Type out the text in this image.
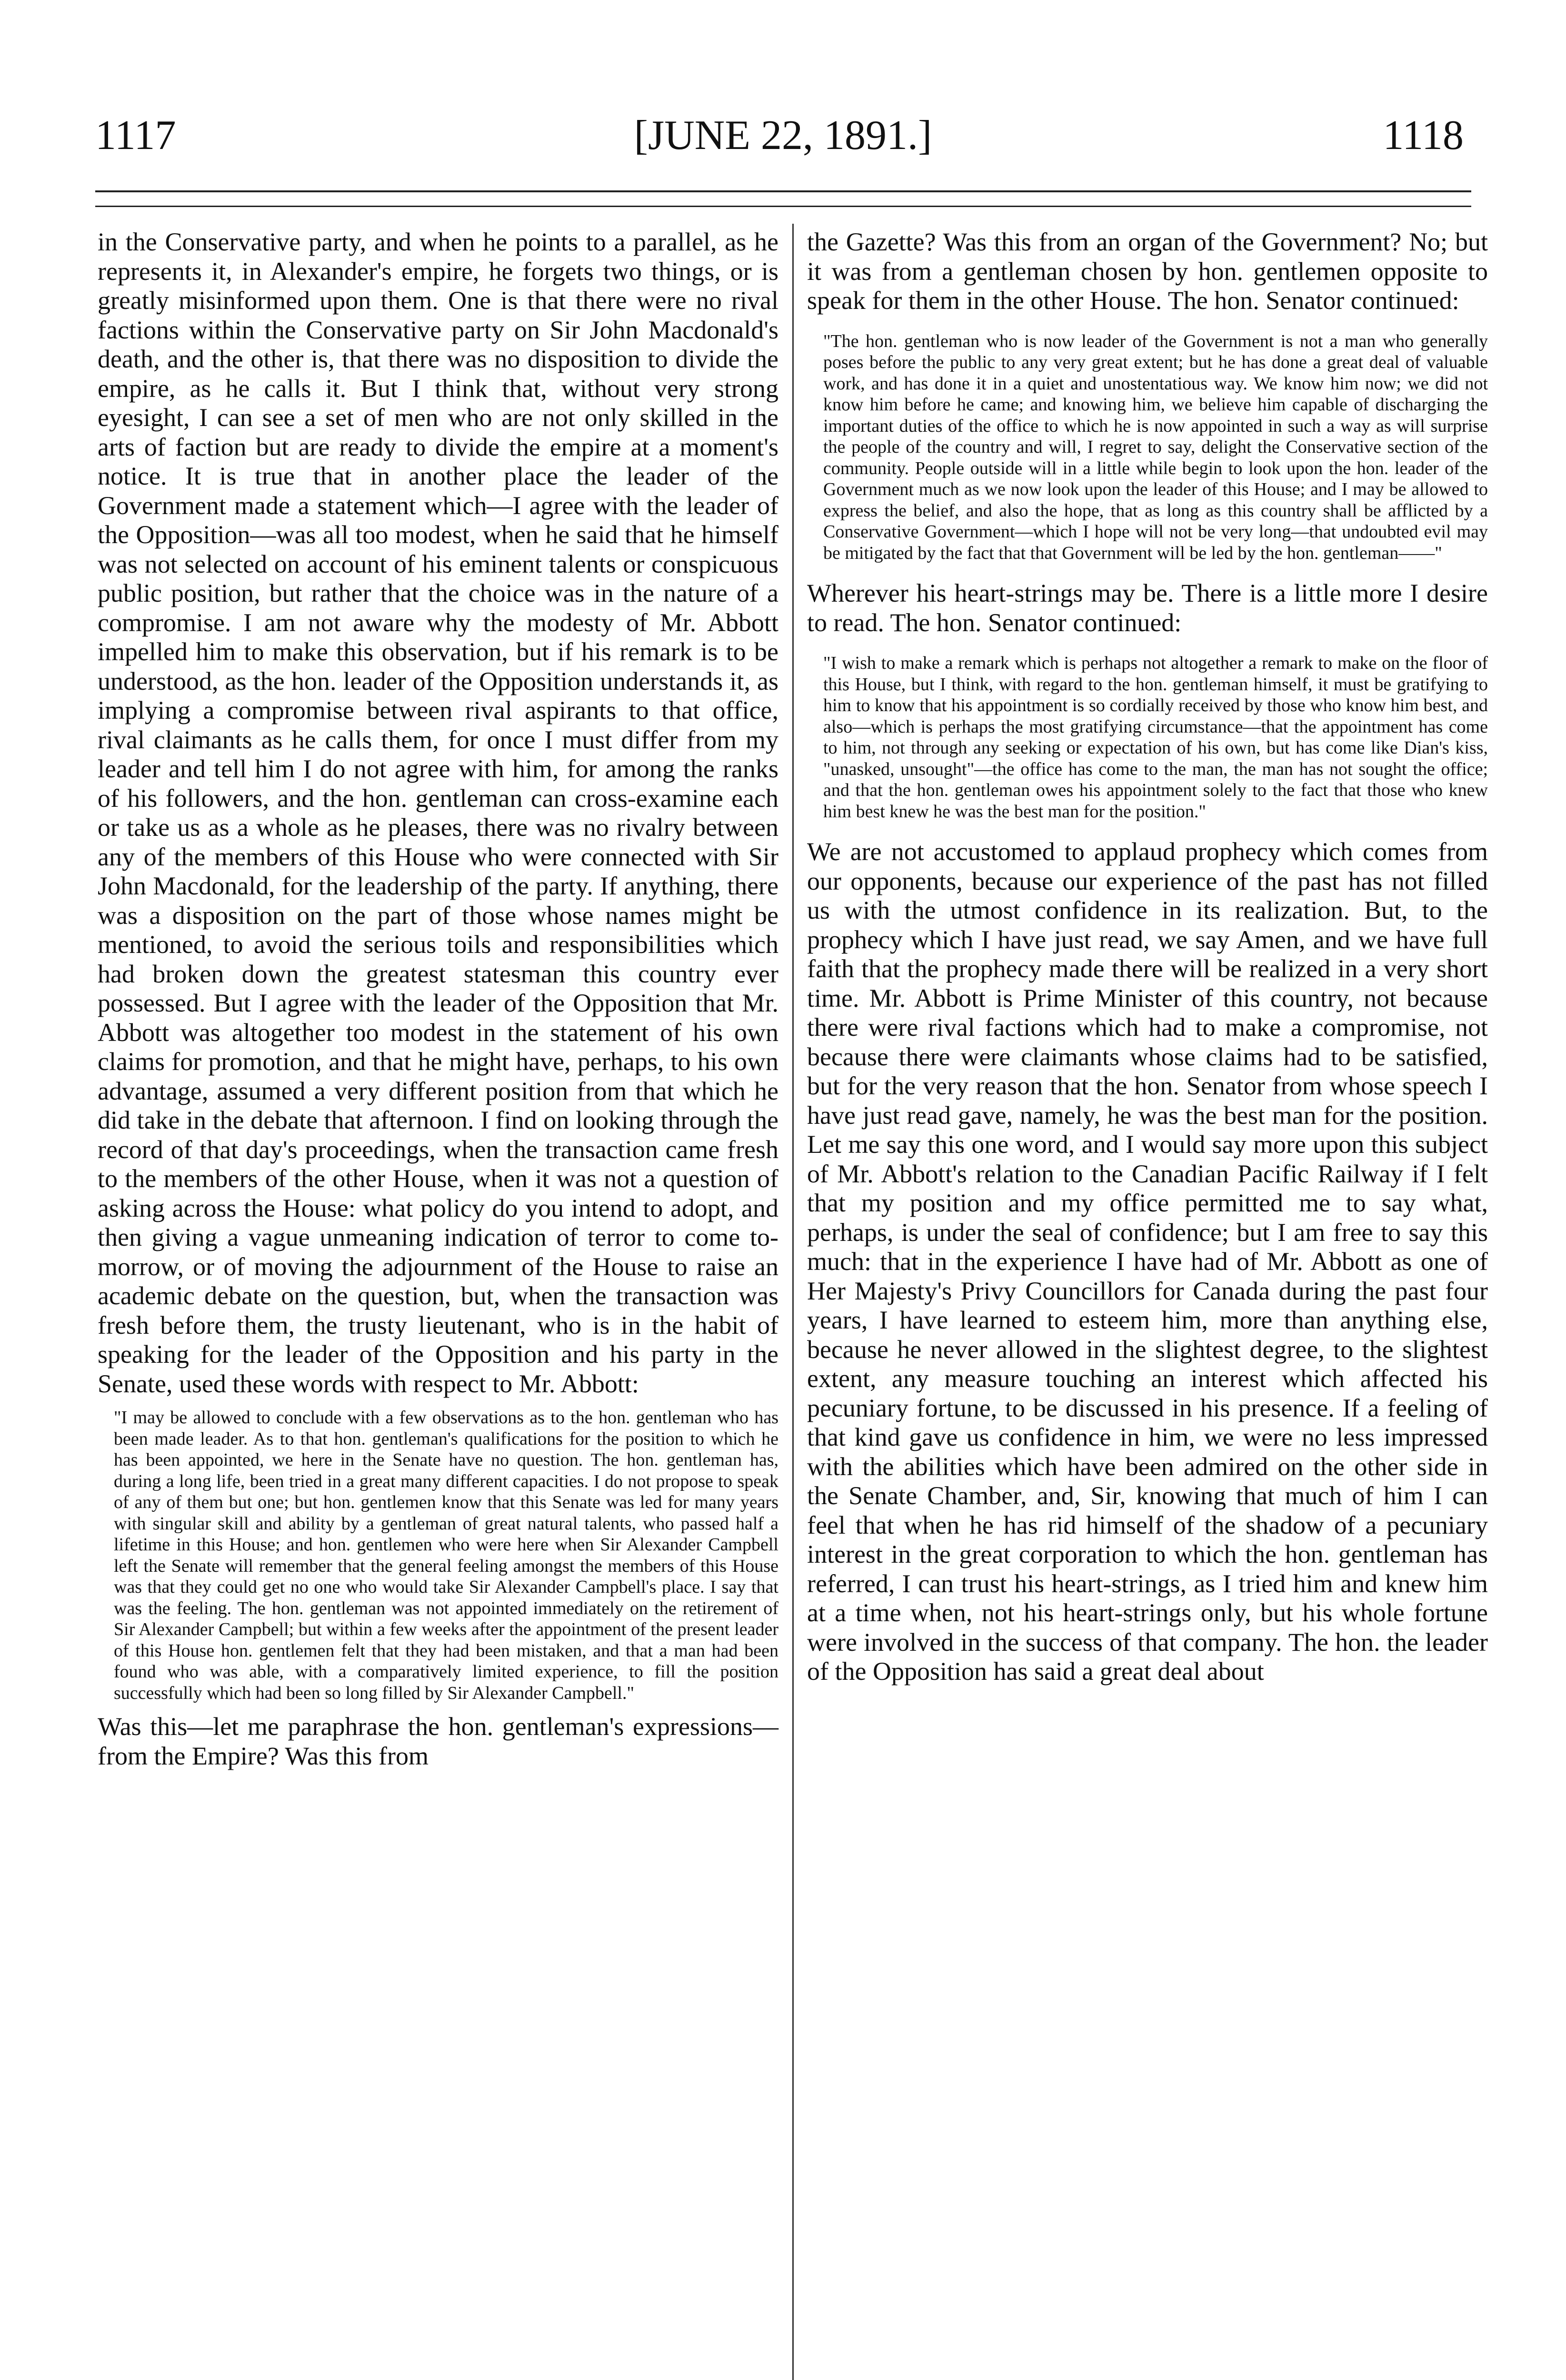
1117	[JUNE 22, 1891.]	1118

in the Conservative party, and when he points to a parallel, as he represents it, in Alexander's empire, he forgets two things, or is greatly misinformed upon them. One is that there were no rival factions within the Conservative party on Sir John Macdonald's death, and the other is, that there was no disposition to divide the empire, as he calls it. But I think that, without very strong eyesight, I can see a set of men who are not only skilled in the arts of faction but are ready to divide the empire at a moment's notice. It is true that in another place the leader of the Government made a statement which—I agree with the leader of the Opposition—was all too modest, when he said that he himself was not selected on account of his eminent talents or conspicuous public position, but rather that the choice was in the nature of a compromise. I am not aware why the modesty of Mr. Abbott impelled him to make this observation, but if his remark is to be understood, as the hon. leader of the Opposition understands it, as implying a compromise between rival aspirants to that office, rival claimants as he calls them, for once I must differ from my leader and tell him I do not agree with him, for among the ranks of his followers, and the hon. gentleman can cross-examine each or take us as a whole as he pleases, there was no rivalry between any of the members of this House who were connected with Sir John Macdonald, for the leadership of the party. If anything, there was a disposition on the part of those whose names might be mentioned, to avoid the serious toils and responsibilities which had broken down the greatest statesman this country ever possessed. But I agree with the leader of the Opposition that Mr. Abbott was altogether too modest in the statement of his own claims for promotion, and that he might have, perhaps, to his own advantage, assumed a very different position from that which he did take in the debate that afternoon. I find on looking through the record of that day's proceedings, when the transaction came fresh to the members of the other House, when it was not a question of asking across the House: what policy do you intend to adopt, and then giving a vague unmeaning indication of terror to come to-morrow, or of moving the adjournment of the House to raise an academic debate on the question, but, when the transaction was fresh before them, the trusty lieutenant, who is in the habit of speaking for the leader of the Opposition and his party in the Senate, used these words with respect to Mr. Abbott:

"I may be allowed to conclude with a few observations as to the hon. gentleman who has been made leader. As to that hon. gentleman's qualifications for the position to which he has been appointed, we here in the Senate have no question. The hon. gentleman has, during a long life, been tried in a great many different capacities. I do not propose to speak of any of them but one; but hon. gentlemen know that this Senate was led for many years with singular skill and ability by a gentleman of great natural talents, who passed half a lifetime in this House; and hon. gentlemen who were here when Sir Alexander Campbell left the Senate will remember that the general feeling amongst the members of this House was that they could get no one who would take Sir Alexander Campbell's place. I say that was the feeling. The hon. gentleman was not appointed immediately on the retirement of Sir Alexander Campbell; but within a few weeks after the appointment of the present leader of this House hon. gentlemen felt that they had been mistaken, and that a man had been found who was able, with a comparatively limited experience, to fill the position successfully which had been so long filled by Sir Alexander Campbell."

Was this—let me paraphrase the hon. gentleman's expressions—from the Empire? Was this from

the Gazette? Was this from an organ of the Government? No; but it was from a gentleman chosen by hon. gentlemen opposite to speak for them in the other House. The hon. Senator continued:

"The hon. gentleman who is now leader of the Government is not a man who generally poses before the public to any very great extent; but he has done a great deal of valuable work, and has done it in a quiet and unostentatious way. We know him now; we did not know him before he came; and knowing him, we believe him capable of discharging the important duties of the office to which he is now appointed in such a way as will surprise the people of the country and will, I regret to say, delight the Conservative section of the community. People outside will in a little while begin to look upon the hon. leader of the Government much as we now look upon the leader of this House; and I may be allowed to express the belief, and also the hope, that as long as this country shall be afflicted by a Conservative Government—which I hope will not be very long—that undoubted evil may be mitigated by the fact that that Government will be led by the hon. gentleman——"

Wherever his heart-strings may be. There is a little more I desire to read. The hon. Senator continued:

"I wish to make a remark which is perhaps not altogether a remark to make on the floor of this House, but I think, with regard to the hon. gentleman himself, it must be gratifying to him to know that his appointment is so cordially received by those who know him best, and also—which is perhaps the most gratifying circumstance—that the appointment has come to him, not through any seeking or expectation of his own, but has come like Dian's kiss, "unasked, unsought"—the office has come to the man, the man has not sought the office; and that the hon. gentleman owes his appointment solely to the fact that those who knew him best knew he was the best man for the position."

We are not accustomed to applaud prophecy which comes from our opponents, because our experience of the past has not filled us with the utmost confidence in its realization. But, to the prophecy which I have just read, we say Amen, and we have full faith that the prophecy made there will be realized in a very short time. Mr. Abbott is Prime Minister of this country, not because there were rival factions which had to make a compromise, not because there were claimants whose claims had to be satisfied, but for the very reason that the hon. Senator from whose speech I have just read gave, namely, he was the best man for the position. Let me say this one word, and I would say more upon this subject of Mr. Abbott's relation to the Canadian Pacific Railway if I felt that my position and my office permitted me to say what, perhaps, is under the seal of confidence; but I am free to say this much: that in the experience I have had of Mr. Abbott as one of Her Majesty's Privy Councillors for Canada during the past four years, I have learned to esteem him, more than anything else, because he never allowed in the slightest degree, to the slightest extent, any measure touching an interest which affected his pecuniary fortune, to be discussed in his presence. If a feeling of that kind gave us confidence in him, we were no less impressed with the abilities which have been admired on the other side in the Senate Chamber, and, Sir, knowing that much of him I can feel that when he has rid himself of the shadow of a pecuniary interest in the great corporation to which the hon. gentleman has referred, I can trust his heart-strings, as I tried him and knew him at a time when, not his heart-strings only, but his whole fortune were involved in the success of that company. The hon. the leader of the Opposition has said a great deal about
